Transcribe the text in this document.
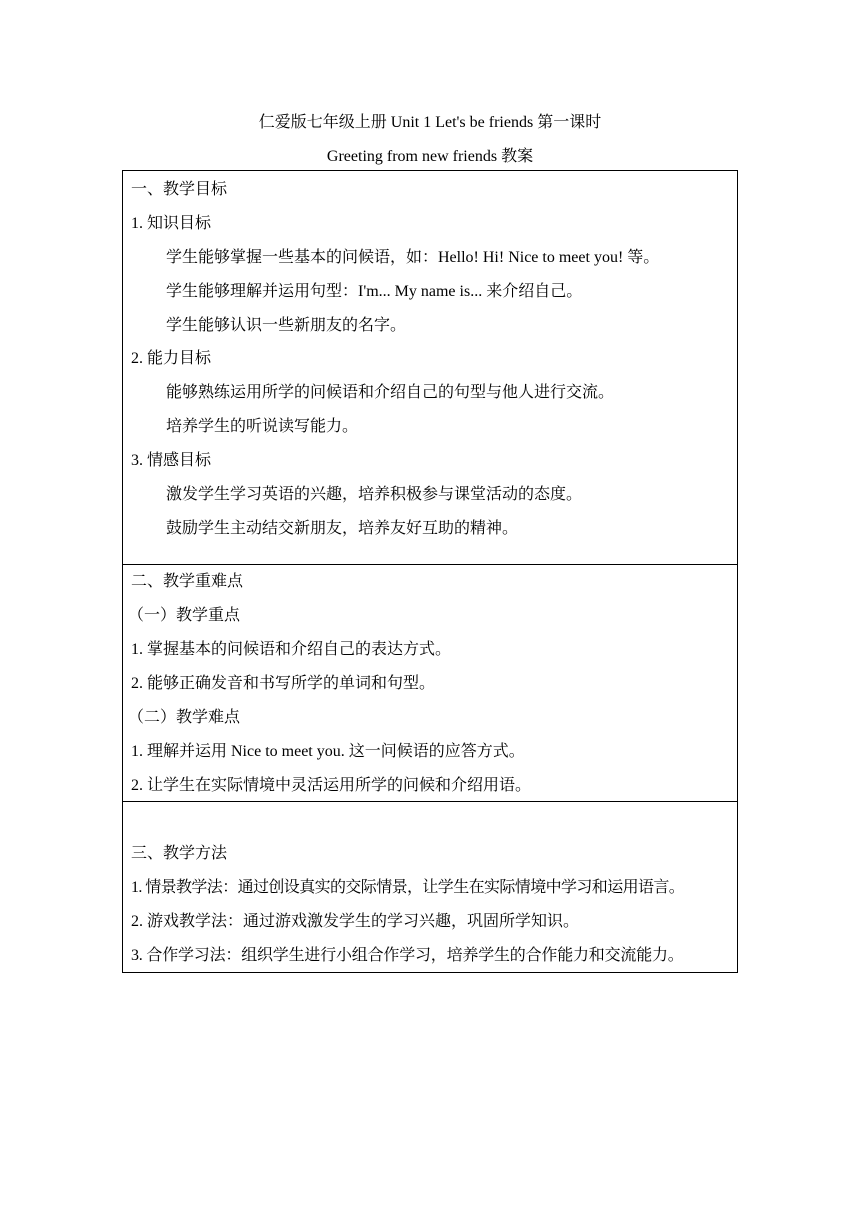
仁爱版七年级上册 Unit 1 Let's be friends 第一课时
Greeting from new friends 教案
一、教学目标
1. 知识目标
学生能够掌握一些基本的问候语，如：Hello! Hi! Nice to meet you! 等。
学生能够理解并运用句型：I'm... My name is... 来介绍自己。
学生能够认识一些新朋友的名字。
2. 能力目标
能够熟练运用所学的问候语和介绍自己的句型与他人进行交流。
培养学生的听说读写能力。
3. 情感目标
激发学生学习英语的兴趣，培养积极参与课堂活动的态度。
鼓励学生主动结交新朋友，培养友好互助的精神。
二、教学重难点
（一）教学重点
1. 掌握基本的问候语和介绍自己的表达方式。
2. 能够正确发音和书写所学的单词和句型。
（二）教学难点
1. 理解并运用 Nice to meet you. 这一问候语的应答方式。
2. 让学生在实际情境中灵活运用所学的问候和介绍用语。
三、教学方法
1. 情景教学法：通过创设真实的交际情景，让学生在实际情境中学习和运用语言。
2. 游戏教学法：通过游戏激发学生的学习兴趣，巩固所学知识。
3. 合作学习法：组织学生进行小组合作学习，培养学生的合作能力和交流能力。
